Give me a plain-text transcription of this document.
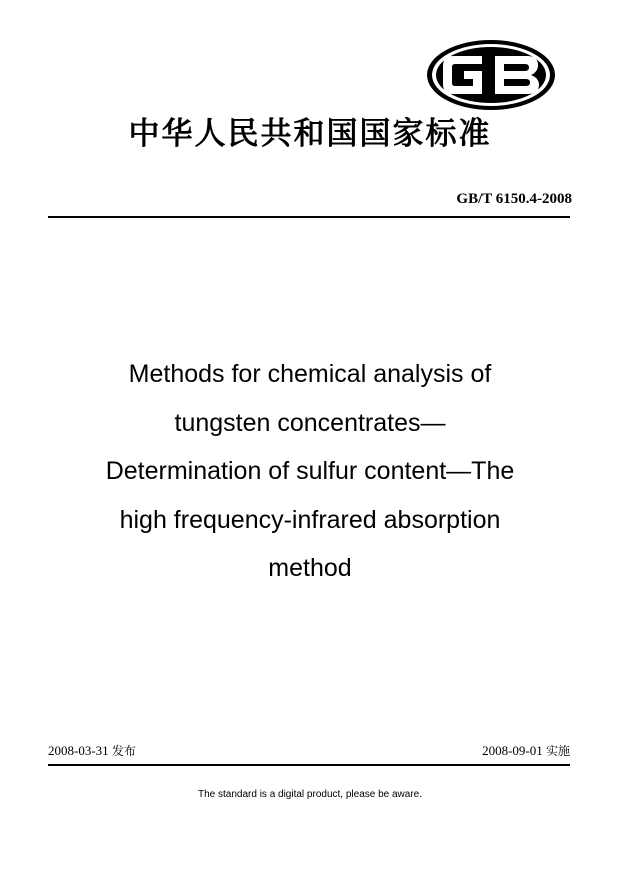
中华人民共和国国家标准
GB/T 6150.4-2008
Methods for chemical analysis of
tungsten concentrates—
Determination of sulfur content—The
high frequency-infrared absorption
method
2008-03-31 发布	2008-09-01 实施
The standard is a digital product, please be aware.
